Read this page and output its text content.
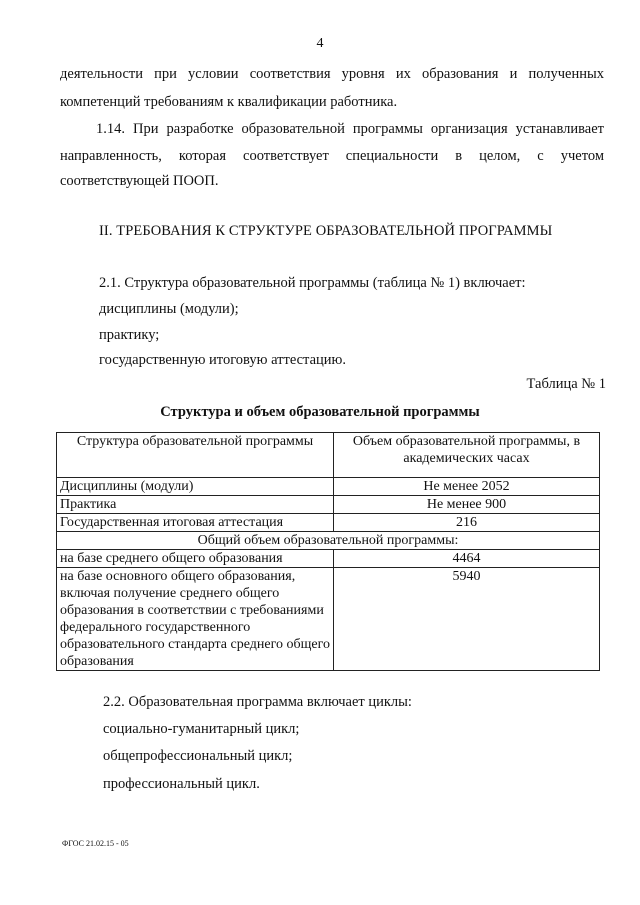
4
деятельности при условии соответствия уровня их образования и полученных
компетенций требованиям к квалификации работника.
1.14. При разработке образовательной программы организация устанавливает
направленность, которая соответствует специальности в целом, с учетом
соответствующей ПООП.
II. ТРЕБОВАНИЯ К СТРУКТУРЕ ОБРАЗОВАТЕЛЬНОЙ ПРОГРАММЫ
2.1. Структура образовательной программы (таблица № 1) включает:
дисциплины (модули);
практику;
государственную итоговую аттестацию.
Таблица № 1
Структура и объем образовательной программы
Структура образовательной программы	Объем образовательной программы, в академических часах
Дисциплины (модули)	Не менее 2052
Практика	Не менее 900
Государственная итоговая аттестация	216
Общий объем образовательной программы:	
на базе среднего общего образования	4464
на базе основного общего образования, включая получение среднего общего образования в соответствии с требованиями федерального государственного образовательного стандарта среднего общего образования	5940
2.2. Образовательная программа включает циклы:
социально-гуманитарный цикл;
общепрофессиональный цикл;
профессиональный цикл.
ФГОС 21.02.15 - 05
